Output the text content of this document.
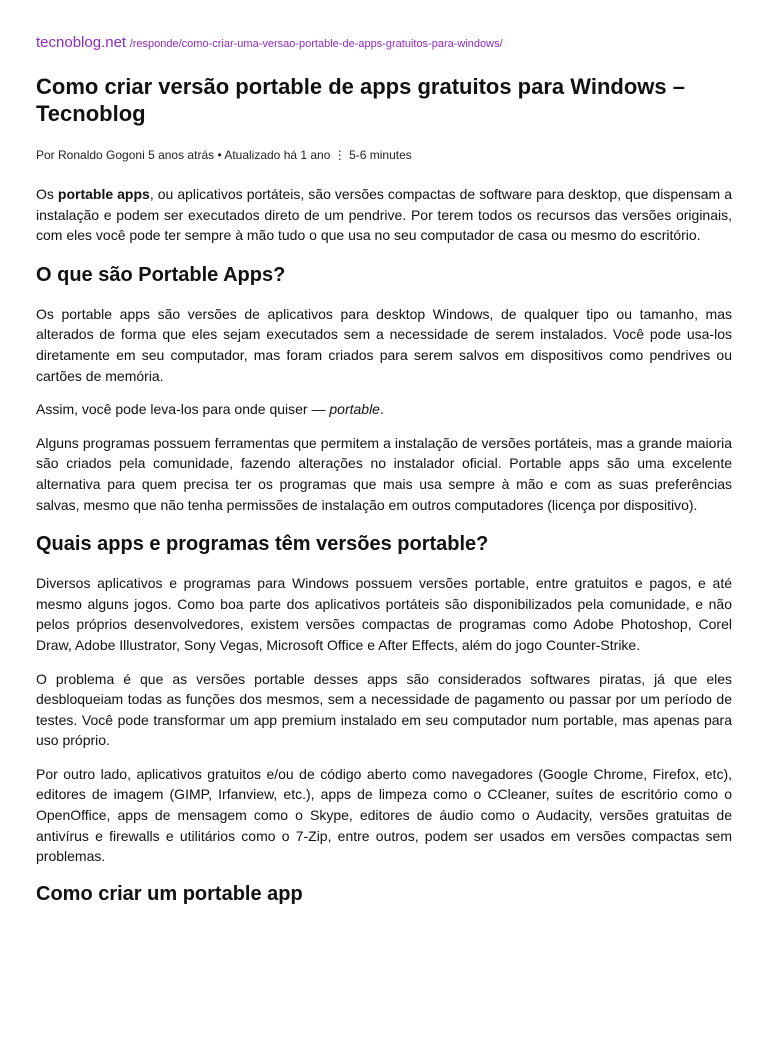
tecnoblog.net /responde/como-criar-uma-versao-portable-de-apps-gratuitos-para-windows/
Como criar versão portable de apps gratuitos para Windows – Tecnoblog
Por Ronaldo Gogoni 5 anos atrás • Atualizado há 1 ano ⋮ 5-6 minutes

Os portable apps, ou aplicativos portáteis, são versões compactas de software para desktop, que dispensam a instalação e podem ser executados direto de um pendrive. Por terem todos os recursos das versões originais, com eles você pode ter sempre à mão tudo o que usa no seu computador de casa ou mesmo do escritório.

O que são Portable Apps?

Os portable apps são versões de aplicativos para desktop Windows, de qualquer tipo ou tamanho, mas alterados de forma que eles sejam executados sem a necessidade de serem instalados. Você pode usa-los diretamente em seu computador, mas foram criados para serem salvos em dispositivos como pendrives ou cartões de memória.

Assim, você pode leva-los para onde quiser — portable.

Alguns programas possuem ferramentas que permitem a instalação de versões portáteis, mas a grande maioria são criados pela comunidade, fazendo alterações no instalador oficial. Portable apps são uma excelente alternativa para quem precisa ter os programas que mais usa sempre à mão e com as suas preferências salvas, mesmo que não tenha permissões de instalação em outros computadores (licença por dispositivo).

Quais apps e programas têm versões portable?

Diversos aplicativos e programas para Windows possuem versões portable, entre gratuitos e pagos, e até mesmo alguns jogos. Como boa parte dos aplicativos portáteis são disponibilizados pela comunidade, e não pelos próprios desenvolvedores, existem versões compactas de programas como Adobe Photoshop, Corel Draw, Adobe Illustrator, Sony Vegas, Microsoft Office e After Effects, além do jogo Counter-Strike.

O problema é que as versões portable desses apps são considerados softwares piratas, já que eles desbloqueiam todas as funções dos mesmos, sem a necessidade de pagamento ou passar por um período de testes. Você pode transformar um app premium instalado em seu computador num portable, mas apenas para uso próprio.

Por outro lado, aplicativos gratuitos e/ou de código aberto como navegadores (Google Chrome, Firefox, etc), editores de imagem (GIMP, Irfanview, etc.), apps de limpeza como o CCleaner, suítes de escritório como o OpenOffice, apps de mensagem como o Skype, editores de áudio como o Audacity, versões gratuitas de antivírus e firewalls e utilitários como o 7-Zip, entre outros, podem ser usados em versões compactas sem problemas.

Como criar um portable app
